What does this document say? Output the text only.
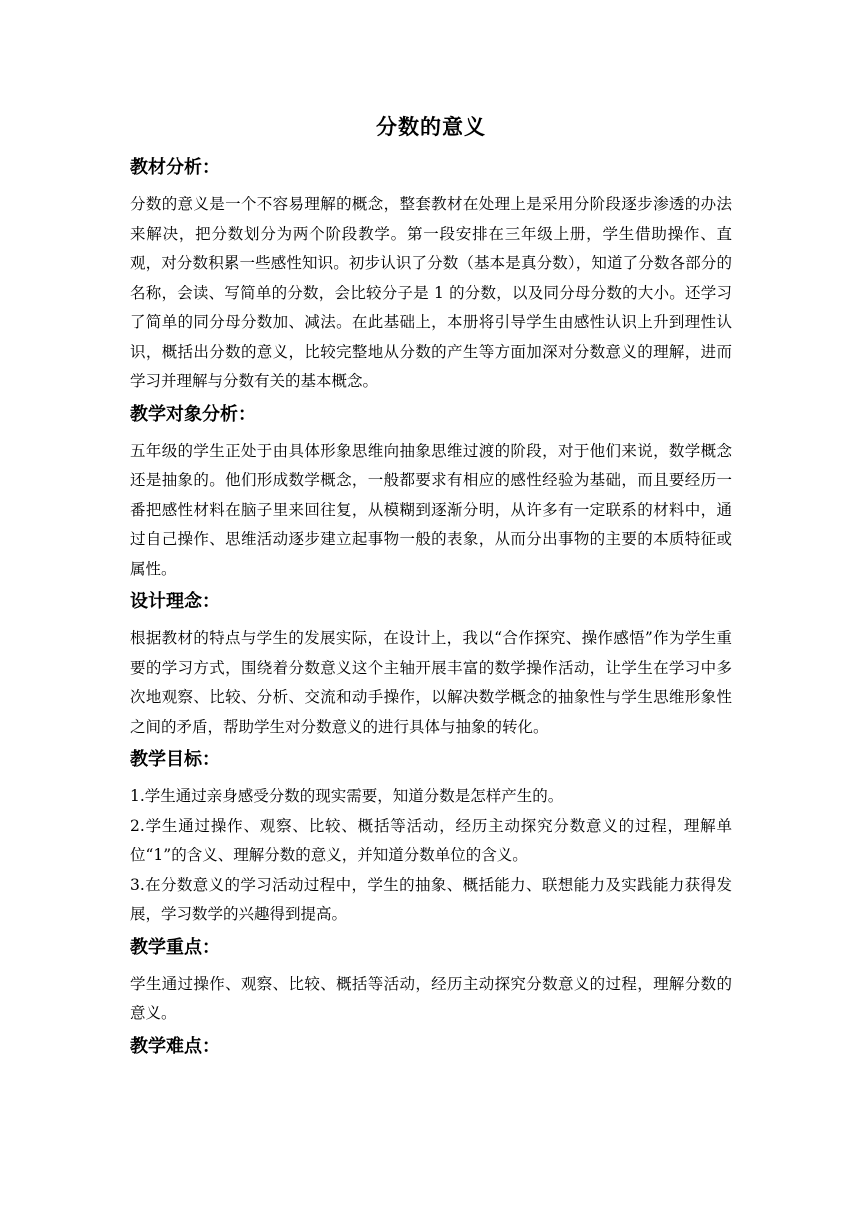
分数的意义
教材分析：
分数的意义是一个不容易理解的概念，整套教材在处理上是采用分阶段逐步渗透的办法来解决，把分数划分为两个阶段教学。第一段安排在三年级上册，学生借助操作、直观，对分数积累一些感性知识。初步认识了分数（基本是真分数），知道了分数各部分的名称，会读、写简单的分数，会比较分子是 1 的分数，以及同分母分数的大小。还学习了简单的同分母分数加、减法。在此基础上，本册将引导学生由感性认识上升到理性认识，概括出分数的意义，比较完整地从分数的产生等方面加深对分数意义的理解，进而学习并理解与分数有关的基本概念。
教学对象分析：
五年级的学生正处于由具体形象思维向抽象思维过渡的阶段，对于他们来说，数学概念还是抽象的。他们形成数学概念，一般都要求有相应的感性经验为基础，而且要经历一番把感性材料在脑子里来回往复，从模糊到逐渐分明，从许多有一定联系的材料中，通过自己操作、思维活动逐步建立起事物一般的表象，从而分出事物的主要的本质特征或属性。
设计理念：
根据教材的特点与学生的发展实际，在设计上，我以“合作探究、操作感悟”作为学生重要的学习方式，围绕着分数意义这个主轴开展丰富的数学操作活动，让学生在学习中多次地观察、比较、分析、交流和动手操作，以解决数学概念的抽象性与学生思维形象性之间的矛盾，帮助学生对分数意义的进行具体与抽象的转化。
教学目标：
1.学生通过亲身感受分数的现实需要，知道分数是怎样产生的。
2.学生通过操作、观察、比较、概括等活动，经历主动探究分数意义的过程，理解单位“1”的含义、理解分数的意义，并知道分数单位的含义。
3.在分数意义的学习活动过程中，学生的抽象、概括能力、联想能力及实践能力获得发展，学习数学的兴趣得到提高。
教学重点：
学生通过操作、观察、比较、概括等活动，经历主动探究分数意义的过程，理解分数的意义。
教学难点：
